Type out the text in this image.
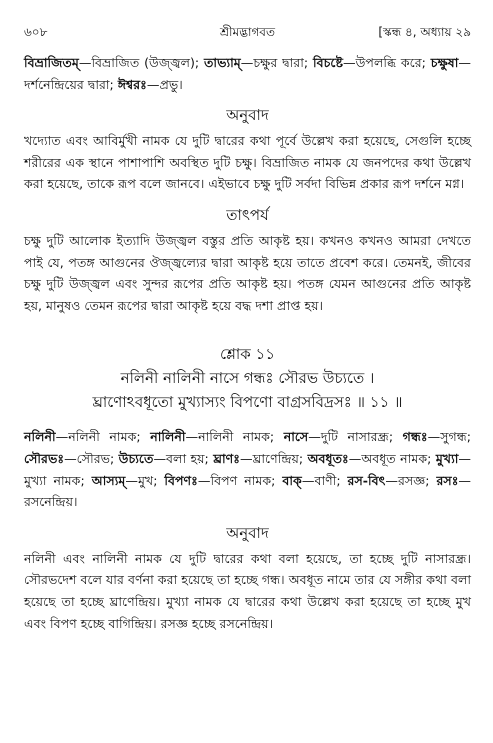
৬০৮	শ্রীমদ্ভাগবত	[স্কন্ধ ৪, অধ্যায় ২৯

বিভ্রাজিতম্—বিভ্রাজিত (উজ্জ্বল); তাভ্যাম্—চক্ষুর দ্বারা; বিচষ্টে—উপলব্ধি করে; চক্ষুষা—দর্শনেন্দ্রিয়ের দ্বারা; ঈশ্বরঃ—প্রভু।

অনুবাদ

খদ্যোত এবং আবির্মুখী নামক যে দুটি দ্বারের কথা পূর্বে উল্লেখ করা হয়েছে, সেগুলি হচ্ছে শরীরের এক স্থানে পাশাপাশি অবস্থিত দুটি চক্ষু। বিভ্রাজিত নামক যে জনপদের কথা উল্লেখ করা হয়েছে, তাকে রূপ বলে জানবে। এইভাবে চক্ষু দুটি সর্বদা বিভিন্ন প্রকার রূপ দর্শনে মগ্ন।

তাৎপর্য

চক্ষু দুটি আলোক ইত্যাদি উজ্জ্বল বস্তুর প্রতি আকৃষ্ট হয়। কখনও কখনও আমরা দেখতে পাই যে, পতঙ্গ আগুনের ঔজ্জ্বল্যের দ্বারা আকৃষ্ট হয়ে তাতে প্রবেশ করে। তেমনই, জীবের চক্ষু দুটি উজ্জ্বল এবং সুন্দর রূপের প্রতি আকৃষ্ট হয়। পতঙ্গ যেমন আগুনের প্রতি আকৃষ্ট হয়, মানুষও তেমন রূপের দ্বারা আকৃষ্ট হয়ে বদ্ধ দশা প্রাপ্ত হয়।

শ্লোক ১১
নলিনী নালিনী নাসে গন্ধঃ সৌরভ উচ্যতে ।
ঘ্রাণোঽবধূতো মুখ্যাস্যং বিপণো বাগ্রসবিদ্রসঃ ॥ ১১ ॥

নলিনী—নলিনী নামক; নালিনী—নালিনী নামক; নাসে—দুটি নাসারন্ধ্র; গন্ধঃ—সুগন্ধ; সৌরভঃ—সৌরভ; উচ্যতে—বলা হয়; ঘ্রাণঃ—ঘ্রাণেন্দ্রিয়; অবধূতঃ—অবধূত নামক; মুখ্যা—মুখ্যা নামক; আস্যম্—মুখ; বিপণঃ—বিপণ নামক; বাক্—বাণী; রস-বিৎ—রসজ্ঞ; রসঃ—রসনেন্দ্রিয়।

অনুবাদ

নলিনী এবং নালিনী নামক যে দুটি দ্বারের কথা বলা হয়েছে, তা হচ্ছে দুটি নাসারন্ধ্র। সৌরভদেশ বলে যার বর্ণনা করা হয়েছে তা হচ্ছে গন্ধ। অবধূত নামে তার যে সঙ্গীর কথা বলা হয়েছে তা হচ্ছে ঘ্রাণেন্দ্রিয়। মুখ্যা নামক যে দ্বারের কথা উল্লেখ করা হয়েছে তা হচ্ছে মুখ এবং বিপণ হচ্ছে বাগিন্দ্রিয়। রসজ্ঞ হচ্ছে রসনেন্দ্রিয়।
